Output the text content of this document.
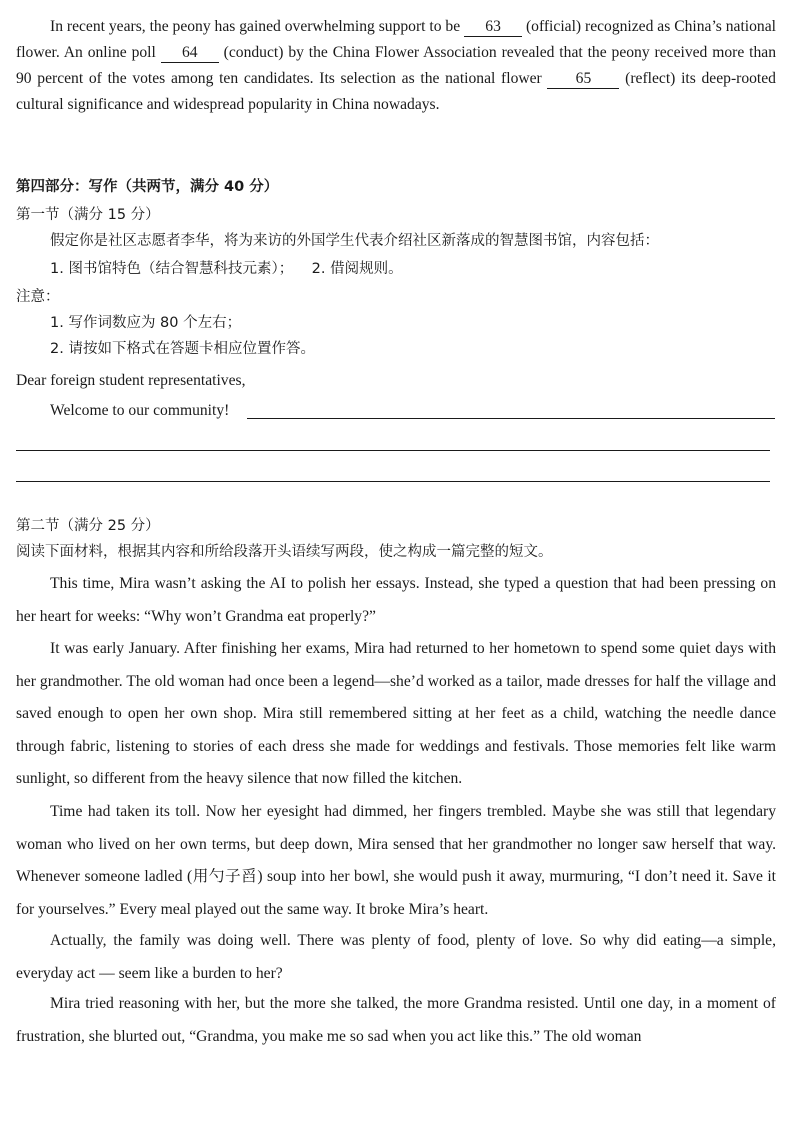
In recent years, the peony has gained overwhelming support to be 63 (official) recognized as China’s national flower. An online poll 64 (conduct) by the China Flower Association revealed that the peony received more than 90 percent of the votes among ten candidates. Its selection as the national flower 65 (reflect) its deep-rooted cultural significance and widespread popularity in China nowadays.

第四部分：写作（共两节，满分 40 分）
第一节（满分 15 分）
假定你是社区志愿者李华，将为来访的外国学生代表介绍社区新落成的智慧图书馆，内容包括：
1. 图书馆特色（结合智慧科技元素）；    2. 借阅规则。
注意：
1. 写作词数应为 80 个左右；
2. 请按如下格式在答题卡相应位置作答。
Dear foreign student representatives,
Welcome to our community!
第二节（满分 25 分）
阅读下面材料，根据其内容和所给段落开头语续写两段，使之构成一篇完整的短文。

This time, Mira wasn’t asking the AI to polish her essays. Instead, she typed a question that had been pressing on her heart for weeks: “Why won’t Grandma eat properly?”

It was early January. After finishing her exams, Mira had returned to her hometown to spend some quiet days with her grandmother. The old woman had once been a legend—she’d worked as a tailor, made dresses for half the village and saved enough to open her own shop. Mira still remembered sitting at her feet as a child, watching the needle dance through fabric, listening to stories of each dress she made for weddings and festivals. Those memories felt like warm sunlight, so different from the heavy silence that now filled the kitchen.

Time had taken its toll. Now her eyesight had dimmed, her fingers trembled. Maybe she was still that legendary woman who lived on her own terms, but deep down, Mira sensed that her grandmother no longer saw herself that way. Whenever someone ladled (用勺子舀) soup into her bowl, she would push it away, murmuring, “I don’t need it. Save it for yourselves.” Every meal played out the same way. It broke Mira’s heart.

Actually, the family was doing well. There was plenty of food, plenty of love. So why did eating—a simple, everyday act — seem like a burden to her?

Mira tried reasoning with her, but the more she talked, the more Grandma resisted. Until one day, in a moment of frustration, she blurted out, “Grandma, you make me so sad when you act like this.” The old woman
